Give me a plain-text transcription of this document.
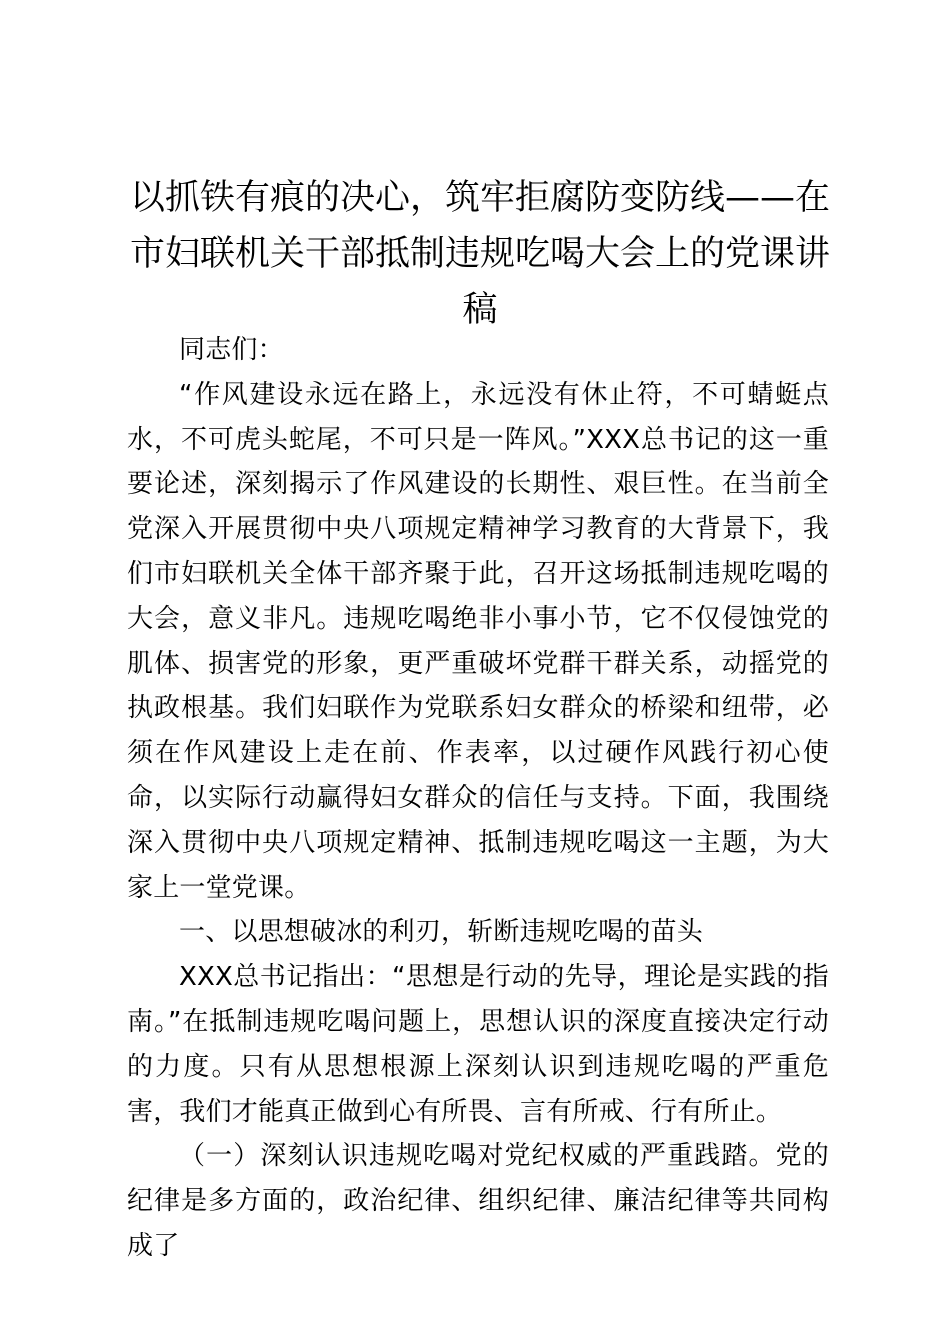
以抓铁有痕的决心，筑牢拒腐防变防线——在市妇联机关干部抵制违规吃喝大会上的党课讲稿

同志们：

“作风建设永远在路上，永远没有休止符，不可蜻蜓点水，不可虎头蛇尾，不可只是一阵风。”XXX总书记的这一重要论述，深刻揭示了作风建设的长期性、艰巨性。在当前全党深入开展贯彻中央八项规定精神学习教育的大背景下，我们市妇联机关全体干部齐聚于此，召开这场抵制违规吃喝的大会，意义非凡。违规吃喝绝非小事小节，它不仅侵蚀党的肌体、损害党的形象，更严重破坏党群干群关系，动摇党的执政根基。我们妇联作为党联系妇女群众的桥梁和纽带，必须在作风建设上走在前、作表率，以过硬作风践行初心使命，以实际行动赢得妇女群众的信任与支持。下面，我围绕深入贯彻中央八项规定精神、抵制违规吃喝这一主题，为大家上一堂党课。

一、以思想破冰的利刃，斩断违规吃喝的苗头

XXX总书记指出：“思想是行动的先导，理论是实践的指南。”在抵制违规吃喝问题上，思想认识的深度直接决定行动的力度。只有从思想根源上深刻认识到违规吃喝的严重危害，我们才能真正做到心有所畏、言有所戒、行有所止。

（一）深刻认识违规吃喝对党纪权威的严重践踏。党的纪律是多方面的，政治纪律、组织纪律、廉洁纪律等共同构成了
